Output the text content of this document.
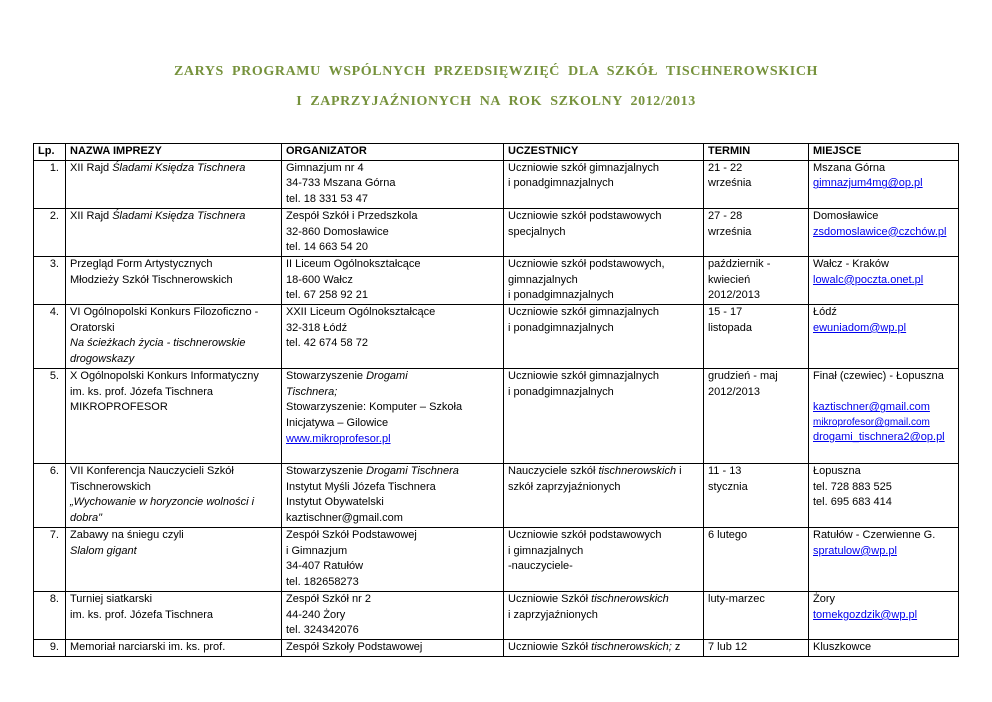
ZARYS PROGRAMU WSPÓLNYCH PRZEDSIĘWZIĘĆ DLA SZKÓŁ TISCHNEROWSKICH
I ZAPRZYJAŹNIONYCH NA ROK SZKOLNY 2012/2013
Lp.	NAZWA IMPREZY	ORGANIZATOR	UCZESTNICY	TERMIN	MIEJSCE
1.	XII Rajd Śladami Księdza Tischnera	Gimnazjum nr 4
34-733 Mszana Górna
tel. 18 331 53 47	Uczniowie szkół gimnazjalnych
i ponadgimnazjalnych	21 - 22
września	Mszana Górna
gimnazjum4mg@op.pl

2.	XII Rajd Śladami Księdza Tischnera	Zespół Szkół i Przedszkola
32-860 Domosławice
tel. 14 663 54 20	Uczniowie szkół podstawowych
specjalnych	27 - 28
września	Domosławice
zsdomoslawice@czchów.pl

3.	Przegląd Form Artystycznych
Młodzieży Szkół Tischnerowskich	II Liceum Ogólnokształcące
18-600 Wałcz
tel. 67 258 92 21	Uczniowie szkół podstawowych,
gimnazjalnych
i ponadgimnazjalnych	październik -
kwiecień
2012/2013	Wałcz - Kraków
lowalc@poczta.onet.pl

4.	VI Ogólnopolski Konkurs Filozoficzno -
Oratorski
Na ścieżkach życia - tischnerowskie
drogowskazy	XXII Liceum Ogólnokształcące
32-318 Łódź
tel. 42 674 58 72	Uczniowie szkół gimnazjalnych
i ponadgimnazjalnych	15 - 17
listopada	Łódź
ewuniadom@wp.pl

5.	X Ogólnopolski Konkurs Informatyczny
im. ks. prof. Józefa Tischnera
MIKROPROFESOR	Stowarzyszenie Drogami
Tischnera;
Stowarzyszenie: Komputer – Szkoła
Inicjatywa – Gilowice
www.mikroprofesor.pl	Uczniowie szkół gimnazjalnych
i ponadgimnazjalnych	grudzień - maj
2012/2013	Finał (czewiec) - Łopuszna

kaztischner@gmail.com
mikroprofesor@gmail.com
drogami_tischnera2@op.pl

6.	VII Konferencja Nauczycieli Szkół
Tischnerowskich
„Wychowanie w horyzoncie wolności i
dobra"	Stowarzyszenie Drogami Tischnera
Instytut Myśli Józefa Tischnera
Instytut Obywatelski
kaztischner@gmail.com	Nauczyciele szkół tischnerowskich i
szkół zaprzyjaźnionych	11 - 13
stycznia	Łopuszna
tel. 728 883 525
tel. 695 683 414

7.	Zabawy na śniegu czyli
Slalom gigant	Zespół Szkół Podstawowej
i Gimnazjum
34-407 Ratułów
tel. 182658273	Uczniowie szkół podstawowych
i gimnazjalnych
-nauczyciele-	6 lutego	Ratułów - Czerwienne G.
spratulow@wp.pl

8.	Turniej siatkarski
im. ks. prof. Józefa Tischnera	Zespół Szkół nr 2
44-240 Żory
tel. 324342076	Uczniowie Szkół tischnerowskich
i zaprzyjaźnionych	luty-marzec	Żory
tomekgozdzik@wp.pl

9.	Memoriał narciarski im. ks. prof.	Zespół Szkoły Podstawowej	Uczniowie Szkół tischnerowskich; z	7 lub 12	Kluszkowce
